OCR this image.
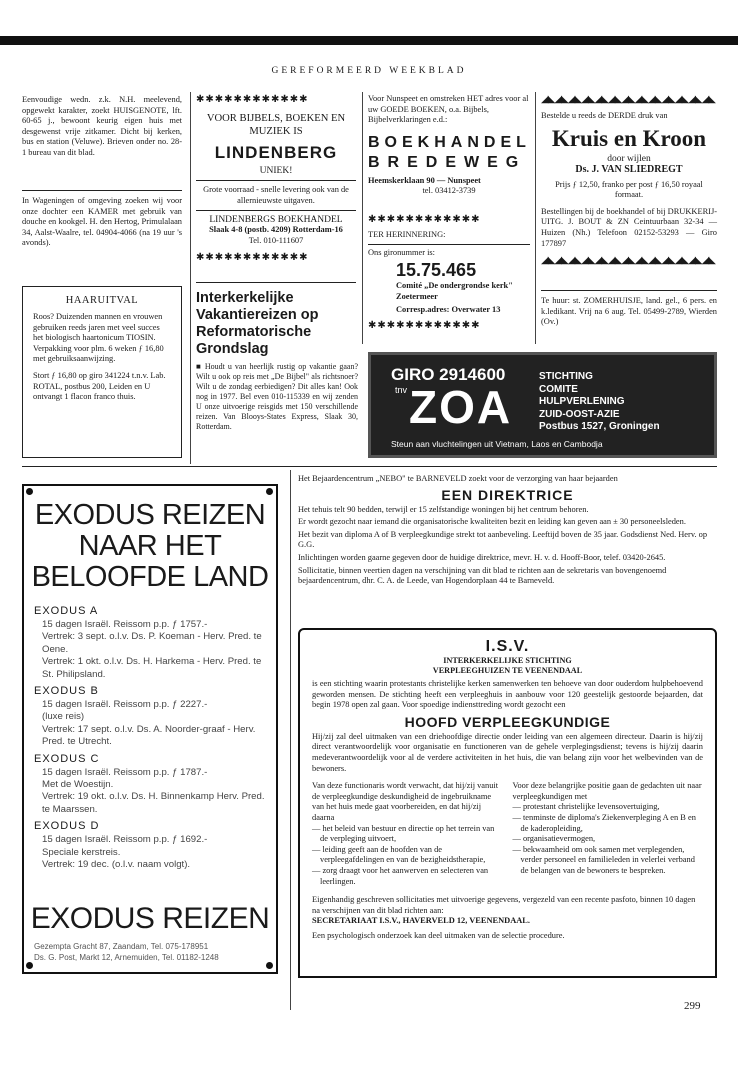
GEREFORMEERD WEEKBLAD
Eenvoudige wedn. z.k. N.H. meelevend, opgewekt karakter, zoekt HUISGENOTE, lft. 60-65 j., bewoont keurig eigen huis met desgewenst vrije zitkamer. Dicht bij kerken, bus en station (Veluwe). Brieven onder no. 28-1 bureau van dit blad.
In Wageningen of omgeving zoeken wij voor onze dochter een KAMER met gebruik van douche en kookgel. H. den Hertog, Primulalaan 34, Aalst-Waalre, tel. 04904-4066 (na 19 uur 's avonds).
HAARUITVAL
Roos? Duizenden mannen en vrouwen gebruiken reeds jaren met veel succes het biologisch haartonicum TIOSIN. Verpakking voor plm. 6 weken ƒ 16,80 met gebruiksaanwijzing.
Stort ƒ 16,80 op giro 341224 t.n.v. Lab. ROTAL, postbus 200, Leiden en U ontvangt 1 flacon franco thuis.
✱✱✱✱✱✱✱✱✱✱✱✱
VOOR BIJBELS, BOEKEN EN MUZIEK IS
LINDENBERG
UNIEK!
Grote voorraad - snelle levering ook van de allernieuwste uitgaven.
LINDENBERGS BOEKHANDEL
Slaak 4-8 (postb. 4209) Rotterdam-16
Tel. 010-111607
✱✱✱✱✱✱✱✱✱✱✱✱
Interkerkelijke Vakantiereizen op Reformatorische Grondslag
■ Houdt u van heerlijk rustig op vakantie gaan? Wilt u ook op reis met „De Bijbel" als richtsnoer? Wilt u de zondag eerbiedigen? Dit alles kan! Ook nog in 1977. Bel even 010-115339 en wij zenden U onze uitvoerige reisgids met 150 verschillende reizen. Van Blooys-States Express, Slaak 30, Rotterdam.
Voor Nunspeet en omstreken HET adres voor al uw GOEDE BOEKEN, o.a. Bijbels, Bijbelverklaringen e.d.:
BOEKHANDEL
BREDEWEG
Heemskerklaan 90 — Nunspeet
tel. 03412-3739
✱✱✱✱✱✱✱✱✱✱✱✱
TER HERINNERING:
Ons gironummer is:
15.75.465
Comité „De ondergrondse kerk" Zoetermeer
Corresp.adres: Overwater 13
✱✱✱✱✱✱✱✱✱✱✱✱
◢◣◢◣◢◣◢◣◢◣◢◣◢◣◢◣◢◣◢◣◢◣◢◣◢◣
Bestelde u reeds de DERDE druk van
Kruis en Kroon
door wijlen
Ds. J. VAN SLIEDREGT
Prijs ƒ 12,50, franko per post ƒ 16,50 royaal formaat.
Bestellingen bij de boekhandel of bij DRUKKERIJ-UITG. J. BOUT & ZN Ceintuurbaan 32-34 — Huizen (Nh.) Telefoon 02152-53293 — Giro 177897
◢◣◢◣◢◣◢◣◢◣◢◣◢◣◢◣◢◣◢◣◢◣◢◣◢◣
Te huur: st. ZOMERHUISJE, land. gel., 6 pers. en k.ledikant. Vrij na 6 aug. Tel. 05499-2789, Wierden (Ov.)
GIRO 2914600
tnv ZOA
STICHTING
COMITE
HULPVERLENING
ZUID-OOST-AZIE
Postbus 1527, Groningen
Steun aan vluchtelingen uit Vietnam, Laos en Cambodja
EXODUS REIZEN NAAR HET BELOOFDE LAND
EXODUS A
15 dagen Israël. Reissom p.p. ƒ 1757.-
Vertrek: 3 sept. o.l.v. Ds. P. Koeman - Herv. Pred. te Oene.
Vertrek: 1 okt. o.l.v. Ds. H. Harkema - Herv. Pred. te St. Philipsland.
EXODUS B
15 dagen Israël. Reissom p.p. ƒ 2227.-
(luxe reis)
Vertrek: 17 sept. o.l.v. Ds. A. Noorder-graaf - Herv. Pred. te Utrecht.
EXODUS C
15 dagen Israël. Reissom p.p. ƒ 1787.-
Met de Woestijn.
Vertrek: 19 okt. o.l.v. Ds. H. Binnenkamp Herv. Pred. te Maarssen.
EXODUS D
15 dagen Israël. Reissom p.p. ƒ 1692.-
Speciale kerstreis.
Vertrek: 19 dec. (o.l.v. naam volgt).
EXODUS REIZEN
Gezempta Gracht 87, Zaandam, Tel. 075-178951
Ds. G. Post, Markt 12, Arnemuiden, Tel. 01182-1248
Het Bejaardencentrum „NEBO" te BARNEVELD zoekt voor de verzorging van haar bejaarden
EEN DIREKTRICE
Het tehuis telt 90 bedden, terwijl er 15 zelfstandige woningen bij het centrum behoren.
Er wordt gezocht naar iemand die organisatorische kwaliteiten bezit en leiding kan geven aan ± 30 personeelsleden.
Het bezit van diploma A of B verpleegkundige strekt tot aanbeveling. Leeftijd boven de 35 jaar. Godsdienst Ned. Herv. op G.G.
Inlichtingen worden gaarne gegeven door de huidige direktrice, mevr. H. v. d. Hooff-Boor, telef. 03420-2645.
Sollicitatie, binnen veertien dagen na verschijning van dit blad te richten aan de sekretaris van bovengenoemd bejaardencentrum, dhr. C. A. de Leede, van Hogendorplaan 44 te Barneveld.
I.S.V.
INTERKERKELIJKE STICHTING
VERPLEEGHUIZEN TE VEENENDAAL
is een stichting waarin protestants christelijke kerken samenwerken ten behoeve van door ouderdom hulpbehoevend geworden mensen. De stichting heeft een verpleeghuis in aanbouw voor 120 geestelijk gestoorde bejaarden, dat begin 1978 open zal gaan. Voor spoedige indiensttreding wordt gezocht een
HOOFD VERPLEEGKUNDIGE
Hij/zij zal deel uitmaken van een driehoofdige directie onder leiding van een algemeen directeur. Daarin is hij/zij direct verantwoordelijk voor organisatie en functioneren van de gehele verplegingsdienst; tevens is hij/zij daarin medeverantwoordelijk voor al de verdere activiteiten in het huis, die van belang zijn voor het welbevinden van de bewoners.
Van deze functionaris wordt verwacht, dat hij/zij vanuit de verpleegkundige deskundigheid de ingebruikname van het huis mede gaat voorbereiden, en dat hij/zij daarna
— het beleid van bestuur en directie op het terrein van de verpleging uitvoert,
— leiding geeft aan de hoofden van de verpleegafdelingen en van de bezigheidstherapie,
— zorg draagt voor het aanwerven en selecteren van leerlingen.
Voor deze belangrijke positie gaan de gedachten uit naar verpleegkundigen met
— protestant christelijke levensovertuiging,
— tenminste de diploma's Ziekenverpleging A en B en de kaderopleiding,
— organisatievermogen,
— bekwaamheid om ook samen met verplegenden, verder personeel en familieleden in velerlei verband de belangen van de bewoners te bespreken.
Eigenhandig geschreven sollicitaties met uitvoerige gegevens, vergezeld van een recente pasfoto, binnen 10 dagen na verschijnen van dit blad richten aan:
SECRETARIAAT I.S.V., HAVERVELD 12, VEENENDAAL.
Een psychologisch onderzoek kan deel uitmaken van de selectie procedure.
299
